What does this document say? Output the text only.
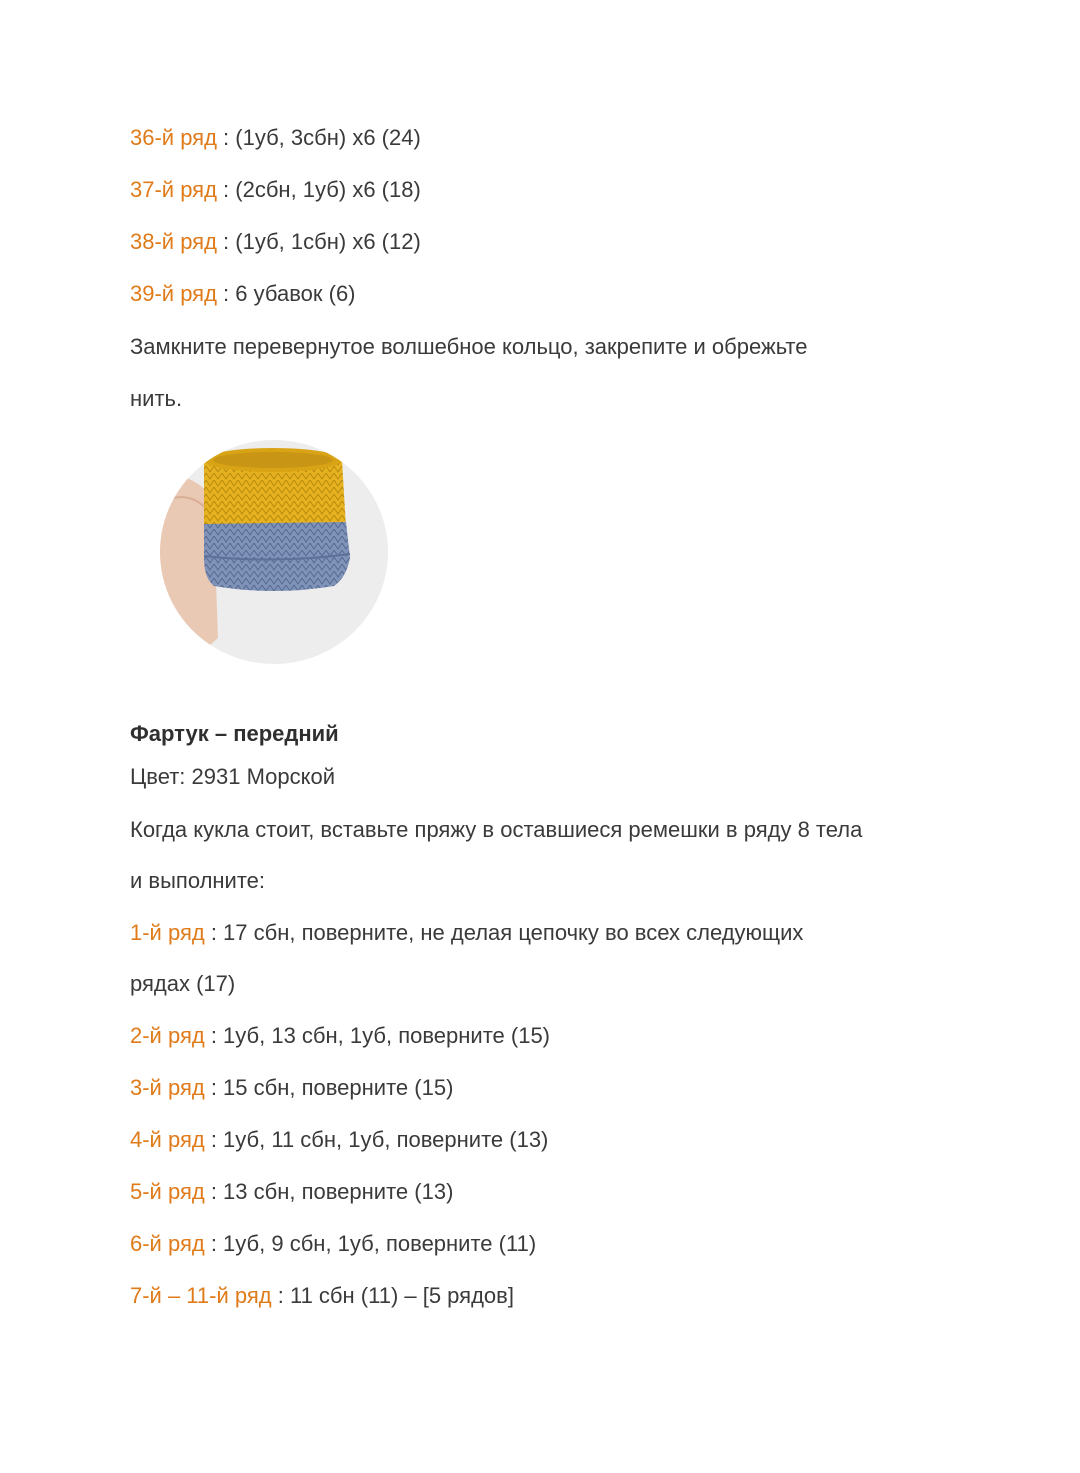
36-й ряд : (1уб, 3сбн) х6 (24)
37-й ряд : (2сбн, 1уб) х6 (18)
38-й ряд : (1уб, 1сбн) х6 (12)
39-й ряд : 6 убавок (6)
Замкните перевернутое волшебное кольцо, закрепите и обрежьте
нить.
Фартук – передний
Цвет: 2931 Морской
Когда кукла стоит, вставьте пряжу в оставшиеся ремешки в ряду 8 тела
и выполните:
1-й ряд : 17 сбн, поверните, не делая цепочку во всех следующих
рядах (17)
2-й ряд : 1уб, 13 сбн, 1уб, поверните (15)
3-й ряд : 15 сбн, поверните (15)
4-й ряд : 1уб, 11 сбн, 1уб, поверните (13)
5-й ряд : 13 сбн, поверните (13)
6-й ряд : 1уб, 9 сбн, 1уб, поверните (11)
7-й – 11-й ряд : 11 сбн (11) – [5 рядов]
